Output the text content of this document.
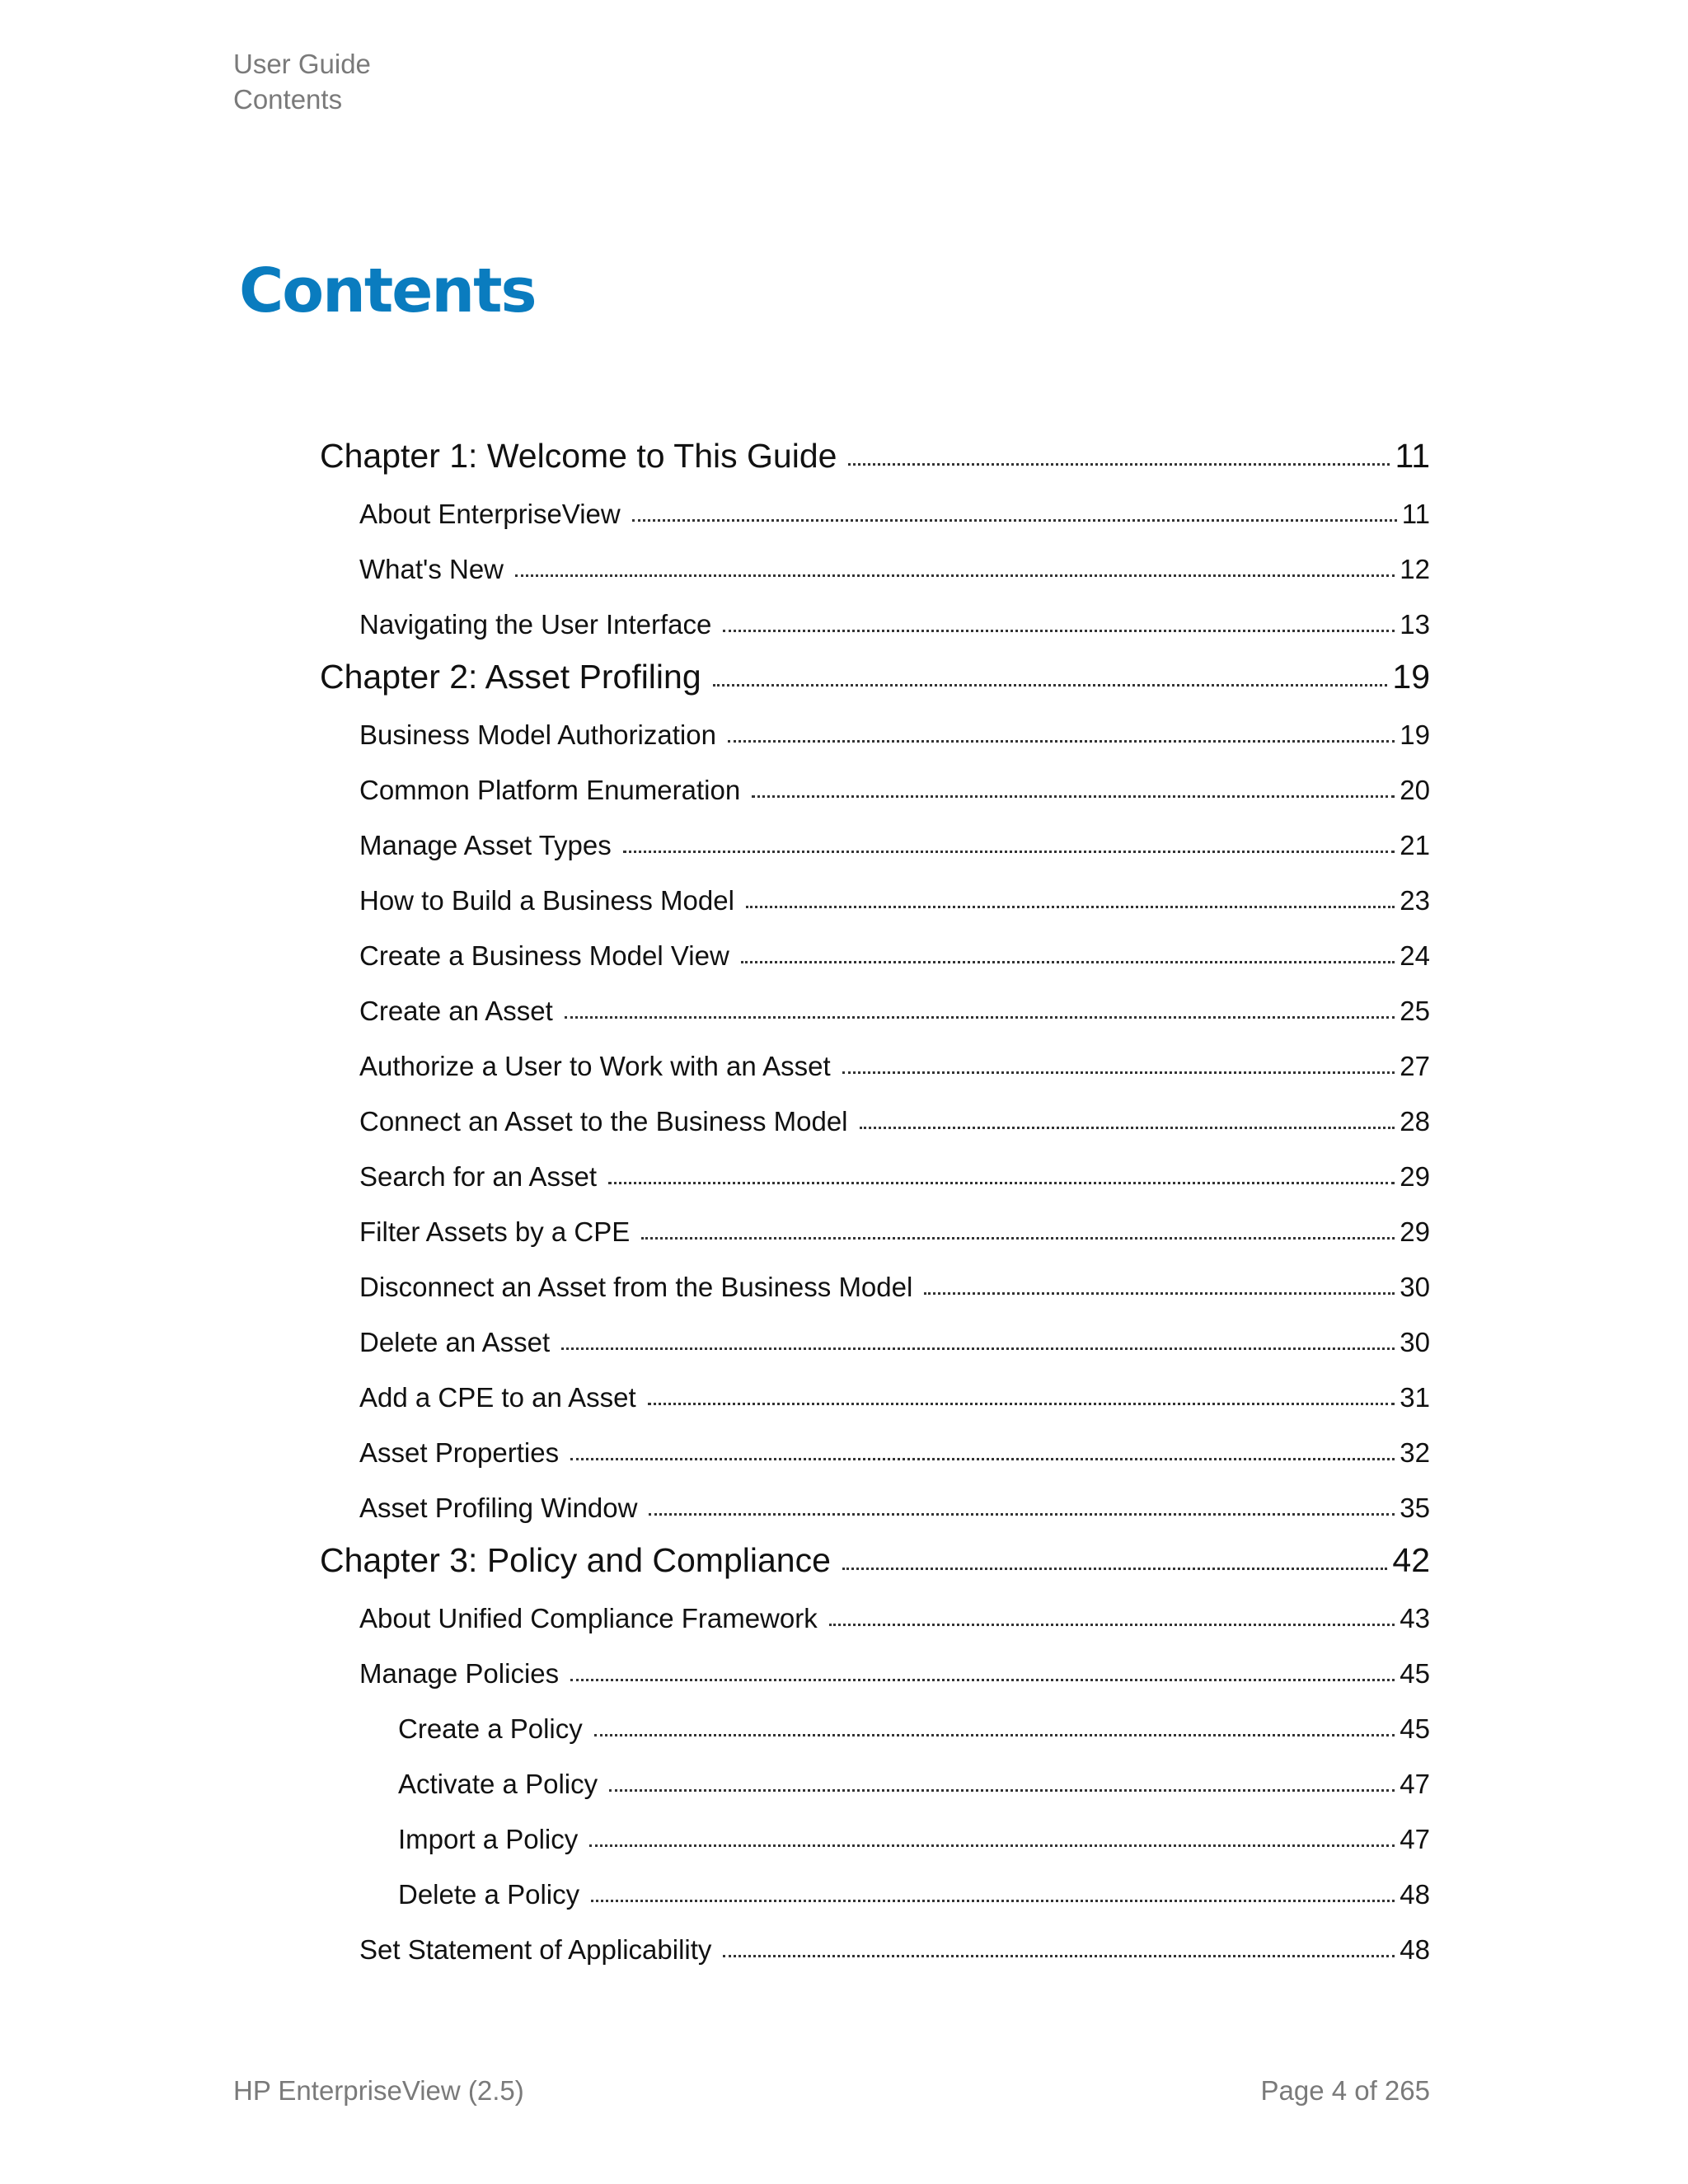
User Guide
Contents
Contents
Chapter 1: Welcome to This Guide	11
About EnterpriseView	11
What's New	12
Navigating the User Interface	13
Chapter 2: Asset Profiling	19
Business Model Authorization	19
Common Platform Enumeration	20
Manage Asset Types	21
How to Build a Business Model	23
Create a Business Model View	24
Create an Asset	25
Authorize a User to Work with an Asset	27
Connect an Asset to the Business Model	28
Search for an Asset	29
Filter Assets by a CPE	29
Disconnect an Asset from the Business Model	30
Delete an Asset	30
Add a CPE to an Asset	31
Asset Properties	32
Asset Profiling Window	35
Chapter 3: Policy and Compliance	42
About Unified Compliance Framework	43
Manage Policies	45
Create a Policy	45
Activate a Policy	47
Import a Policy	47
Delete a Policy	48
Set Statement of Applicability	48
HP EnterpriseView (2.5)	Page 4 of 265
